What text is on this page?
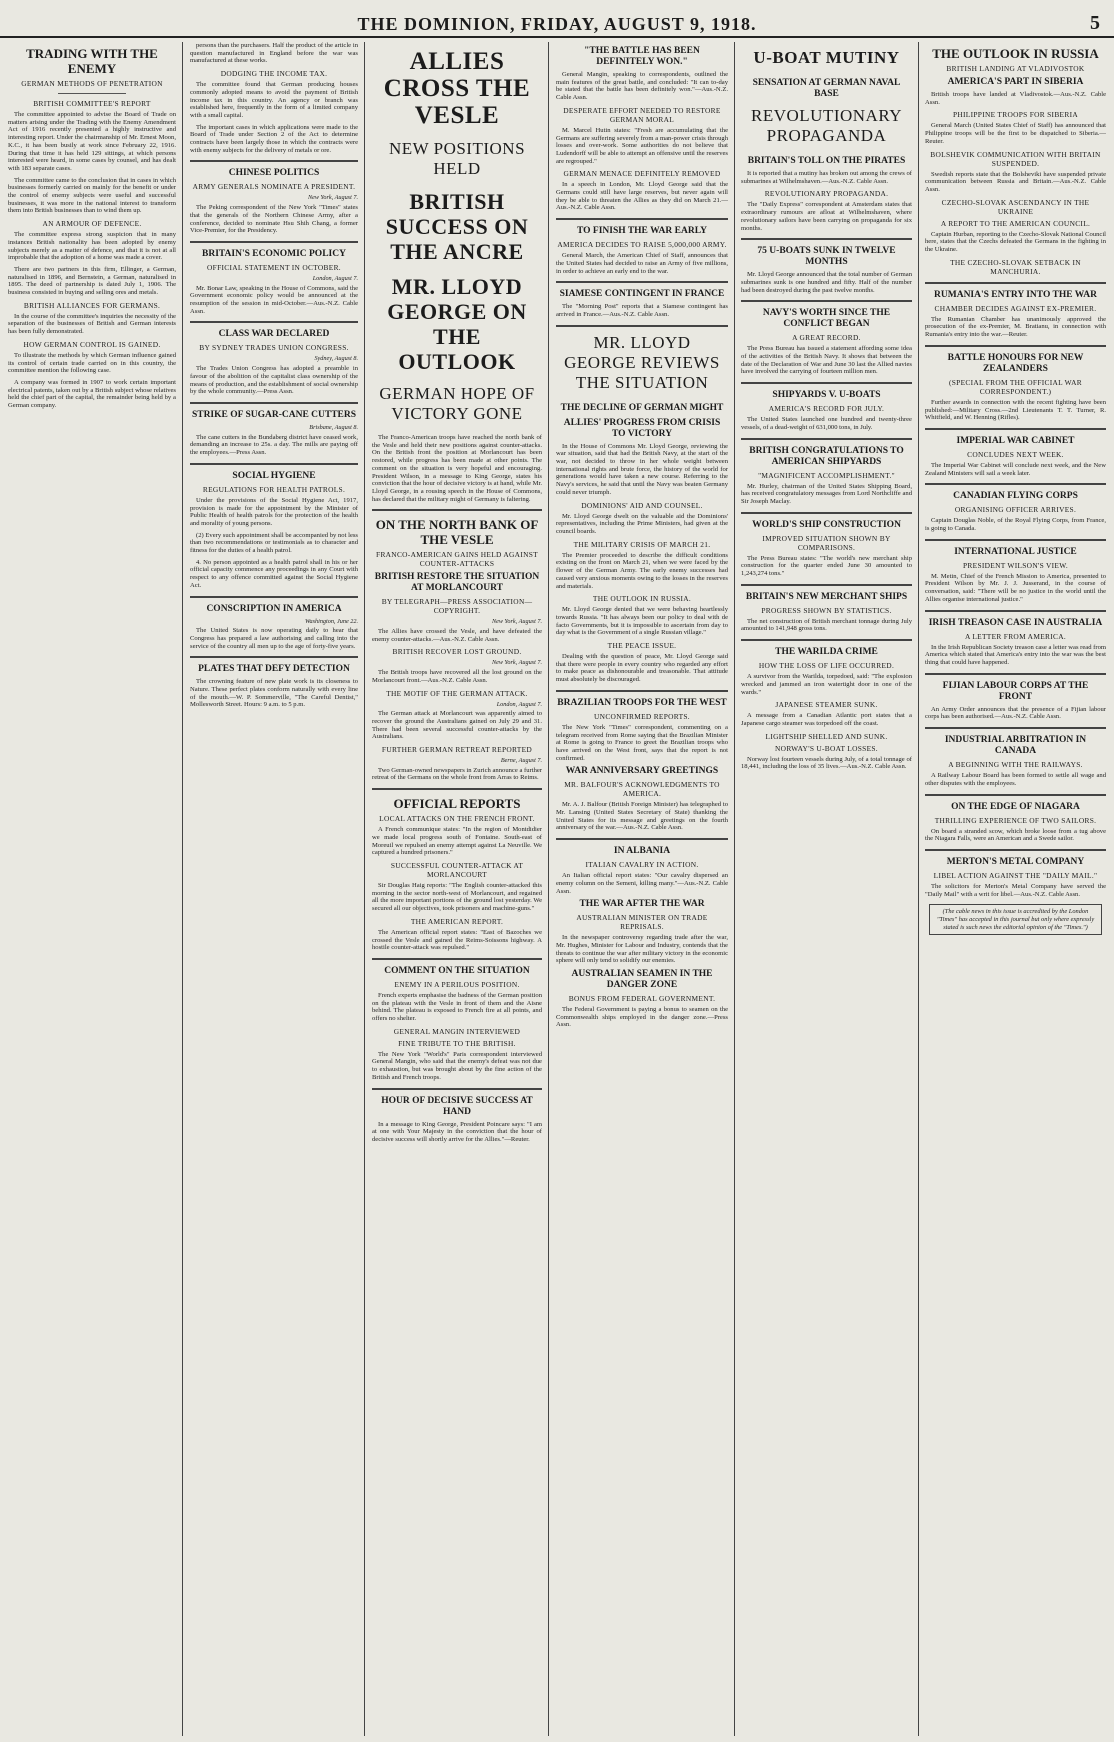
THE DOMINION, FRIDAY, AUGUST 9, 1918.	5
TRADING WITH THE ENEMY
GERMAN METHODS OF PENETRATION
BRITISH COMMITTEE'S REPORT

The committee appointed to advise the Board of Trade on matters arising under the Trading with the Enemy Amendment Act of 1916 recently presented a highly instructive and interesting report. Under the chairmanship of Mr. Ernest Moon, K.C., it has been busily at work since February 22, 1916. During that time it has held 129 sittings, at which persons interested were heard, in some cases by counsel, and has dealt with 183 separate cases.

The committee came to the conclusion that in cases in which businesses formerly carried on mainly for the benefit or under the control of enemy subjects were useful and successful businesses, it was more in the national interest to transform them into British businesses than to wind them up.

AN ARMOUR OF DEFENCE.

The committee express strong suspicion that in many instances British nationality has been adopted by enemy subjects merely as a matter of defence, and that it is not at all improbable that the adoption of a home was made a cover.

There are two partners in this firm, Ellinger, a German, naturalised in 1896, and Bernstein, a German, naturalised in 1895. The deed of partnership is dated July 1, 1906. The business consisted in buying and selling ores and metals.

BRITISH ALLIANCES FOR GERMANS.

In the course of the committee's inquiries the necessity of the separation of the businesses of British and German interests has been fully demonstrated.

HOW GERMAN CONTROL IS GAINED.

To illustrate the methods by which German influence gained its control of certain trade carried on in this country, the committee mention the following case.

A company was formed in 1907 to work certain important electrical patents, taken out by a British subject whose relatives held the chief part of the capital, the remainder being held by a German company.

persons than the purchasers. Half the product of the article in question manufactured in England before the war was manufactured at these works.

DODGING THE INCOME TAX.

The committee found that German producing houses commonly adopted means to avoid the payment of British income tax in this country. An agency or branch was established here, frequently in the form of a limited company with a small capital.

The important cases in which applications were made to the Board of Trade under Section 2 of the Act to determine contracts have been largely those in which the contracts were with enemy subjects for the delivery of metals or ore.

CHINESE POLITICS
ARMY GENERALS NOMINATE A PRESIDENT.
New York, August 7.

The Peking correspondent of the New York "Times" states that the generals of the Northern Chinese Army, after a conference, decided to nominate Hsu Shih Chang, a former Vice-Premier, for the Presidency.

BRITAIN'S ECONOMIC POLICY
OFFICIAL STATEMENT IN OCTOBER.
London, August 7.

Mr. Bonar Law, speaking in the House of Commons, said the Government economic policy would be announced at the resumption of the session in mid-October.—Aus.-N.Z. Cable Assn.

CLASS WAR DECLARED
BY SYDNEY TRADES UNION CONGRESS.
Sydney, August 8.

The Trades Union Congress has adopted a preamble in favour of the abolition of the capitalist class ownership of the means of production, and the establishment of social ownership by the whole community.—Press Assn.

STRIKE OF SUGAR-CANE CUTTERS
Brisbane, August 8.

The cane cutters in the Bundaberg district have ceased work, demanding an increase to 25s. a day. The mills are paying off the employees.—Press Assn.

SOCIAL HYGIENE
REGULATIONS FOR HEALTH PATROLS.

Under the provisions of the Social Hygiene Act, 1917, provision is made for the appointment by the Minister of Public Health of health patrols for the protection of the health and morality of young persons.

(2) Every such appointment shall be accompanied by not less than two recommendations or testimonials as to character and fitness for the duties of a health patrol.

4. No person appointed as a health patrol shall in his or her official capacity commence any proceedings in any Court with respect to any offence committed against the Social Hygiene Act.

CONSCRIPTION IN AMERICA
Washington, June 22.

The United States is now operating daily to hear that Congress has prepared a law authorising and calling into the service of the country all men up to the age of forty-five years.

PLATES THAT DEFY DETECTION

The crowning feature of new plate work is its closeness to Nature. These perfect plates conform naturally with every line of the mouth.—W. P. Sommerville, "The Careful Dentist," Mollesworth Street. Hours: 9 a.m. to 5 p.m.

ALLIES CROSS THE VESLE
NEW POSITIONS HELD
BRITISH SUCCESS ON THE ANCRE
MR. LLOYD GEORGE ON THE OUTLOOK
GERMAN HOPE OF VICTORY GONE

The Franco-American troops have reached the north bank of the Vesle and held their new positions against counter-attacks. On the British front the position at Morlancourt has been restored, while progress has been made at other points. The comment on the situation is very hopeful and encouraging. President Wilson, in a message to King George, states his conviction that the hour of decisive victory is at hand, while Mr. Lloyd George, in a rousing speech in the House of Commons, has declared that the military might of Germany is faltering.

ON THE NORTH BANK OF THE VESLE
FRANCO-AMERICAN GAINS HELD AGAINST COUNTER-ATTACKS
BRITISH RESTORE THE SITUATION AT MORLANCOURT
BY TELEGRAPH—PRESS ASSOCIATION—COPYRIGHT.
New York, August 7.

The Allies have crossed the Vesle, and have defeated the enemy counter-attacks.—Aus.-N.Z. Cable Assn.

BRITISH RECOVER LOST GROUND.
New York, August 7.

The British troops have recovered all the lost ground on the Morlancourt front.—Aus.-N.Z. Cable Assn.

THE MOTIF OF THE GERMAN ATTACK.
London, August 7.

The German attack at Morlancourt was apparently aimed to recover the ground the Australians gained on July 29 and 31. There had been several successful counter-attacks by the Australians.

FURTHER GERMAN RETREAT REPORTED
Berne, August 7.

Two German-owned newspapers in Zurich announce a further retreat of the Germans on the whole front from Arras to Reims.

OFFICIAL REPORTS
LOCAL ATTACKS ON THE FRENCH FRONT.

A French communique states: "In the region of Montdidier we made local progress south of Fontaine. South-east of Moreuil we repulsed an enemy attempt against La Neuville. We captured a hundred prisoners."

SUCCESSFUL COUNTER-ATTACK AT MORLANCOURT

Sir Douglas Haig reports: "The English counter-attacked this morning in the sector north-west of Morlancourt, and regained all the more important portions of the ground lost yesterday. We secured all our objectives, took prisoners and machine-guns."

THE AMERICAN REPORT.

The American official report states: "East of Bazoches we crossed the Vesle and gained the Reims-Soissons highway. A hostile counter-attack was repulsed."

COMMENT ON THE SITUATION
ENEMY IN A PERILOUS POSITION.

French experts emphasise the badness of the German position on the plateau with the Vesle in front of them and the Aisne behind. The plateau is exposed to French fire at all points, and offers no shelter.

GENERAL MANGIN INTERVIEWED
FINE TRIBUTE TO THE BRITISH.

The New York "World's" Paris correspondent interviewed General Mangin, who said that the enemy's defeat was not due to exhaustion, but was brought about by the fine action of the British and French troops.

HOUR OF DECISIVE SUCCESS AT HAND

In a message to King George, President Poincare says: "I am at one with Your Majesty in the conviction that the hour of decisive success will shortly arrive for the Allies."—Reuter.

"THE BATTLE HAS BEEN DEFINITELY WON."

General Mangin, speaking to correspondents, outlined the main features of the great battle, and concluded: "It can to-day be stated that the battle has been definitely won."—Aus.-N.Z. Cable Assn.

DESPERATE EFFORT NEEDED TO RESTORE GERMAN MORAL

M. Marcel Hutin states: "Fresh are accumulating that the Germans are suffering severely from a man-power crisis through losses and over-work. Some authorities do not believe that Ludendorff will be able to attempt an offensive until the reserves are regrouped."

GERMAN MENACE DEFINITELY REMOVED

In a speech in London, Mr. Lloyd George said that the Germans could still have large reserves, but never again will they be able to threaten the Allies as they did on March 21.—Aus.-N.Z. Cable Assn.

TO FINISH THE WAR EARLY
AMERICA DECIDES TO RAISE 5,000,000 ARMY.

General March, the American Chief of Staff, announces that the United States had decided to raise an Army of five millions, in order to achieve an early end to the war.

SIAMESE CONTINGENT IN FRANCE

The "Morning Post" reports that a Siamese contingent has arrived in France.—Aus.-N.Z. Cable Assn.

MR. LLOYD GEORGE REVIEWS THE SITUATION
THE DECLINE OF GERMAN MIGHT
ALLIES' PROGRESS FROM CRISIS TO VICTORY

In the House of Commons Mr. Lloyd George, reviewing the war situation, said that had the British Navy, at the start of the war, not decided to throw in her whole weight between international rights and brute force, the history of the world for generations would have taken a new course. Referring to the Navy's services, he said that until the Navy was beaten Germany could never triumph.

DOMINIONS' AID AND COUNSEL.

Mr. Lloyd George dwelt on the valuable aid the Dominions' representatives, including the Prime Ministers, had given at the council boards.

THE MILITARY CRISIS OF MARCH 21.

The Premier proceeded to describe the difficult conditions existing on the front on March 21, when we were faced by the flower of the German Army. The early enemy successes had caused very anxious moments owing to the losses in the reserves and materials.

THE OUTLOOK IN RUSSIA.

Mr. Lloyd George denied that we were behaving heartlessly towards Russia. "It has always been our policy to deal with de facto Governments, but it is impossible to ascertain from day to day what is the Government of a single Russian village."

THE PEACE ISSUE.

Dealing with the question of peace, Mr. Lloyd George said that there were people in every country who regarded any effort to make peace as dishonourable and treasonable. That attitude must absolutely be discouraged.

BRAZILIAN TROOPS FOR THE WEST
UNCONFIRMED REPORTS.

The New York "Times" correspondent, commenting on a telegram received from Rome saying that the Brazilian Minister at Rome is going to France to greet the Brazilian troops who have arrived on the West front, says that the report is not confirmed.

WAR ANNIVERSARY GREETINGS
MR. BALFOUR'S ACKNOWLEDGMENTS TO AMERICA.

Mr. A. J. Balfour (British Foreign Minister) has telegraphed to Mr. Lansing (United States Secretary of State) thanking the United States for its message and greetings on the fourth anniversary of the war.—Aus.-N.Z. Cable Assn.

IN ALBANIA
ITALIAN CAVALRY IN ACTION.

An Italian official report states: "Our cavalry dispersed an enemy column on the Semeni, killing many."—Aus.-N.Z. Cable Assn.

THE WAR AFTER THE WAR
AUSTRALIAN MINISTER ON TRADE REPRISALS.

In the newspaper controversy regarding trade after the war, Mr. Hughes, Minister for Labour and Industry, contends that the threats to continue the war after military victory in the economic sphere will only tend to solidify our enemies.

AUSTRALIAN SEAMEN IN THE DANGER ZONE
BONUS FROM FEDERAL GOVERNMENT.

The Federal Government is paying a bonus to seamen on the Commonwealth ships employed in the danger zone.—Press Assn.

U-BOAT MUTINY
SENSATION AT GERMAN NAVAL BASE
REVOLUTIONARY PROPAGANDA
BRITAIN'S TOLL ON THE PIRATES

It is reported that a mutiny has broken out among the crews of submarines at Wilhelmshaven.—Aus.-N.Z. Cable Assn.

REVOLUTIONARY PROPAGANDA.

The "Daily Express" correspondent at Amsterdam states that extraordinary rumours are afloat at Wilhelmshaven, where revolutionary sailors have been carrying on propaganda for six months.

75 U-BOATS SUNK IN TWELVE MONTHS

Mr. Lloyd George announced that the total number of German submarines sunk is one hundred and fifty. Half of the number had been destroyed during the past twelve months.

NAVY'S WORTH SINCE THE CONFLICT BEGAN
A GREAT RECORD.

The Press Bureau has issued a statement affording some idea of the activities of the British Navy. It shows that between the date of the Declaration of War and June 30 last the Allied navies have involved the carrying of fourteen million men.

SHIPYARDS V. U-BOATS
AMERICA'S RECORD FOR JULY.

The United States launched one hundred and twenty-three vessels, of a dead-weight of 631,000 tons, in July.

BRITISH CONGRATULATIONS TO AMERICAN SHIPYARDS
"MAGNIFICENT ACCOMPLISHMENT."

Mr. Hurley, chairman of the United States Shipping Board, has received congratulatory messages from Lord Northcliffe and Sir Joseph Maclay.

WORLD'S SHIP CONSTRUCTION
IMPROVED SITUATION SHOWN BY COMPARISONS.

The Press Bureau states: "The world's new merchant ship construction for the quarter ended June 30 amounted to 1,243,274 tons."

BRITAIN'S NEW MERCHANT SHIPS
PROGRESS SHOWN BY STATISTICS.

The net construction of British merchant tonnage during July amounted to 141,948 gross tons.

THE WARILDA CRIME
HOW THE LOSS OF LIFE OCCURRED.

A survivor from the Warilda, torpedoed, said: "The explosion wrecked and jammed an iron watertight door in one of the wards."

JAPANESE STEAMER SUNK.

A message from a Canadian Atlantic port states that a Japanese cargo steamer was torpedoed off the coast.

LIGHTSHIP SHELLED AND SUNK.
NORWAY'S U-BOAT LOSSES.

Norway lost fourteen vessels during July, of a total tonnage of 18,441, including the loss of 35 lives.—Aus.-N.Z. Cable Assn.

THE OUTLOOK IN RUSSIA
BRITISH LANDING AT VLADIVOSTOK
AMERICA'S PART IN SIBERIA

British troops have landed at Vladivostok.—Aus.-N.Z. Cable Assn.

PHILIPPINE TROOPS FOR SIBERIA

General March (United States Chief of Staff) has announced that Philippine troops will be the first to be dispatched to Siberia.—Reuter.

BOLSHEVIK COMMUNICATION WITH BRITAIN SUSPENDED.

Swedish reports state that the Bolsheviki have suspended private communication between Russia and Britain.—Aus.-N.Z. Cable Assn.

CZECHO-SLOVAK ASCENDANCY IN THE UKRAINE
A REPORT TO THE AMERICAN COUNCIL.

Captain Hurban, reporting to the Czecho-Slovak National Council here, states that the Czechs defeated the Germans in the fighting in the Ukraine.

THE CZECHO-SLOVAK SETBACK IN MANCHURIA.
RUMANIA'S ENTRY INTO THE WAR
CHAMBER DECIDES AGAINST EX-PREMIER.

The Rumanian Chamber has unanimously approved the prosecution of the ex-Premier, M. Bratianu, in connection with Rumania's entry into the war.—Reuter.

BATTLE HONOURS FOR NEW ZEALANDERS
(SPECIAL FROM THE OFFICIAL WAR CORRESPONDENT.)

Further awards in connection with the recent fighting have been published:—Military Cross.—2nd Lieutenants T. T. Turner, R. Whitfield, and W. Henning (Rifles).

IMPERIAL WAR CABINET
CONCLUDES NEXT WEEK.

The Imperial War Cabinet will conclude next week, and the New Zealand Ministers will sail a week later.

CANADIAN FLYING CORPS
ORGANISING OFFICER ARRIVES.

Captain Douglas Noble, of the Royal Flying Corps, from France, is going to Canada.

INTERNATIONAL JUSTICE
PRESIDENT WILSON'S VIEW.

M. Metin, Chief of the French Mission to America, presented to President Wilson by Mr. J. J. Jusserand, in the course of conversation, said: "There will be no justice in the world until the Allies organise international justice."

IRISH TREASON CASE IN AUSTRALIA
A LETTER FROM AMERICA.

In the Irish Republican Society treason case a letter was read from America which stated that America's entry into the war was the best thing that could have happened.

FIJIAN LABOUR CORPS AT THE FRONT

An Army Order announces that the presence of a Fijian labour corps has been authorised.—Aus.-N.Z. Cable Assn.

INDUSTRIAL ARBITRATION IN CANADA
A BEGINNING WITH THE RAILWAYS.

A Railway Labour Board has been formed to settle all wage and other disputes with the employees.

ON THE EDGE OF NIAGARA
THRILLING EXPERIENCE OF TWO SAILORS.

On board a stranded scow, which broke loose from a tug above the Niagara Falls, were an American and a Swede sailor.

MERTON'S METAL COMPANY
LIBEL ACTION AGAINST THE "DAILY MAIL."

The solicitors for Merton's Metal Company have served the "Daily Mail" with a writ for libel.—Aus.-N.Z. Cable Assn.

(The cable news in this issue is accredited by the London "Times" has accepted in this journal but only where expressly stated is such news the editorial opinion of the "Times.")
